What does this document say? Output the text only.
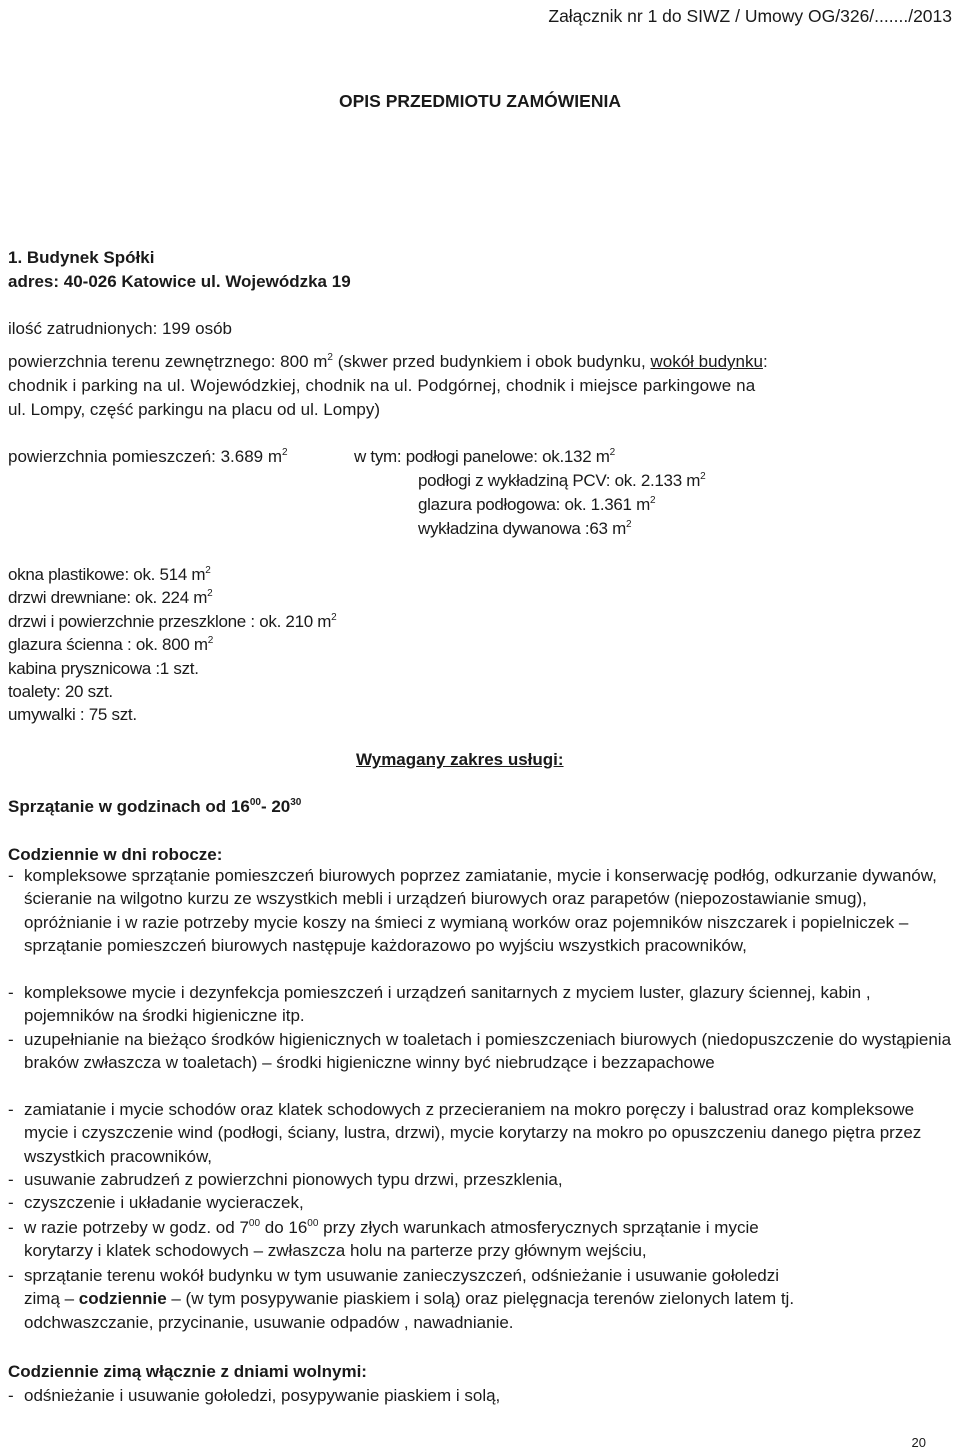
Załącznik nr 1 do SIWZ / Umowy OG/326/......./2013
OPIS PRZEDMIOTU ZAMÓWIENIA
1. Budynek Spółki
adres: 40-026 Katowice ul. Wojewódzka 19
ilość zatrudnionych: 199 osób
powierzchnia terenu zewnętrznego: 800 $m^2$ (skwer przed budynkiem i obok budynku, wokół budynku:
chodnik i parking na ul. Wojewódzkiej, chodnik na ul. Podgórnej, chodnik i miejsce parkingowe na
ul. Lompy, część parkingu na placu od ul. Lompy)
powierzchnia pomieszczeń: 3.689 $m^2$	w tym: podłogi panelowe: ok.132 $m^2$
podłogi z wykładziną PCV: ok. 2.133 $m^2$
glazura podłogowa: ok. 1.361 $m^2$
wykładzina dywanowa :63 $m^2$
okna plastikowe: ok. 514 $m^2$
drzwi drewniane: ok. 224 $m^2$
drzwi i powierzchnie przeszklone : ok. 210 $m^2$
glazura ścienna : ok. 800 $m^2$
kabina prysznicowa :1 szt.
toalety: 20 szt.
umywalki : 75 szt.
Wymagany zakres usługi:
Sprzątanie w godzinach od $16^{00}-$ $20^{30}$
Codziennie w dni robocze:
- kompleksowe sprzątanie pomieszczeń biurowych poprzez zamiatanie, mycie i konserwację podłóg, odkurzanie dywanów, ścieranie na wilgotno kurzu ze wszystkich mebli i urządzeń biurowych oraz parapetów (niepozostawianie smug), opróżnianie i w razie potrzeby mycie koszy na śmieci z wymianą worków oraz pojemników niszczarek i popielniczek – sprzątanie pomieszczeń biurowych następuje każdorazowo po wyjściu wszystkich pracowników,
- kompleksowe mycie i dezynfekcja pomieszczeń i urządzeń sanitarnych z myciem luster, glazury ściennej, kabin , pojemników na środki higieniczne itp.
- uzupełnianie na bieżąco środków higienicznych w toaletach i pomieszczeniach biurowych (niedopuszczenie do wystąpienia braków zwłaszcza w toaletach) – środki higieniczne winny być niebrudzące i bezzapachowe
- zamiatanie i mycie schodów oraz klatek schodowych z przecieraniem na mokro poręczy i balustrad oraz kompleksowe mycie i czyszczenie wind (podłogi, ściany, lustra, drzwi), mycie korytarzy na mokro po opuszczeniu danego piętra przez wszystkich pracowników,
- usuwanie zabrudzeń z powierzchni pionowych typu drzwi, przeszklenia,
- czyszczenie i układanie wycieraczek,
- w razie potrzeby w godz. od $7^{00}$ do $16^{00}$ przy złych warunkach atmosferycznych sprzątanie i mycie
korytarzy i klatek schodowych – zwłaszcza holu na parterze przy głównym wejściu,
- sprzątanie terenu wokół budynku w tym usuwanie zanieczyszczeń, odśnieżanie i usuwanie gołoledzi
zimą – codziennie – (w tym posypywanie piaskiem i solą) oraz pielęgnacja terenów zielonych latem tj.
odchwaszczanie, przycinanie, usuwanie odpadów , nawadnianie.
Codziennie zimą włącznie z dniami wolnymi:
- odśnieżanie i usuwanie gołoledzi, posypywanie piaskiem i solą,
20
